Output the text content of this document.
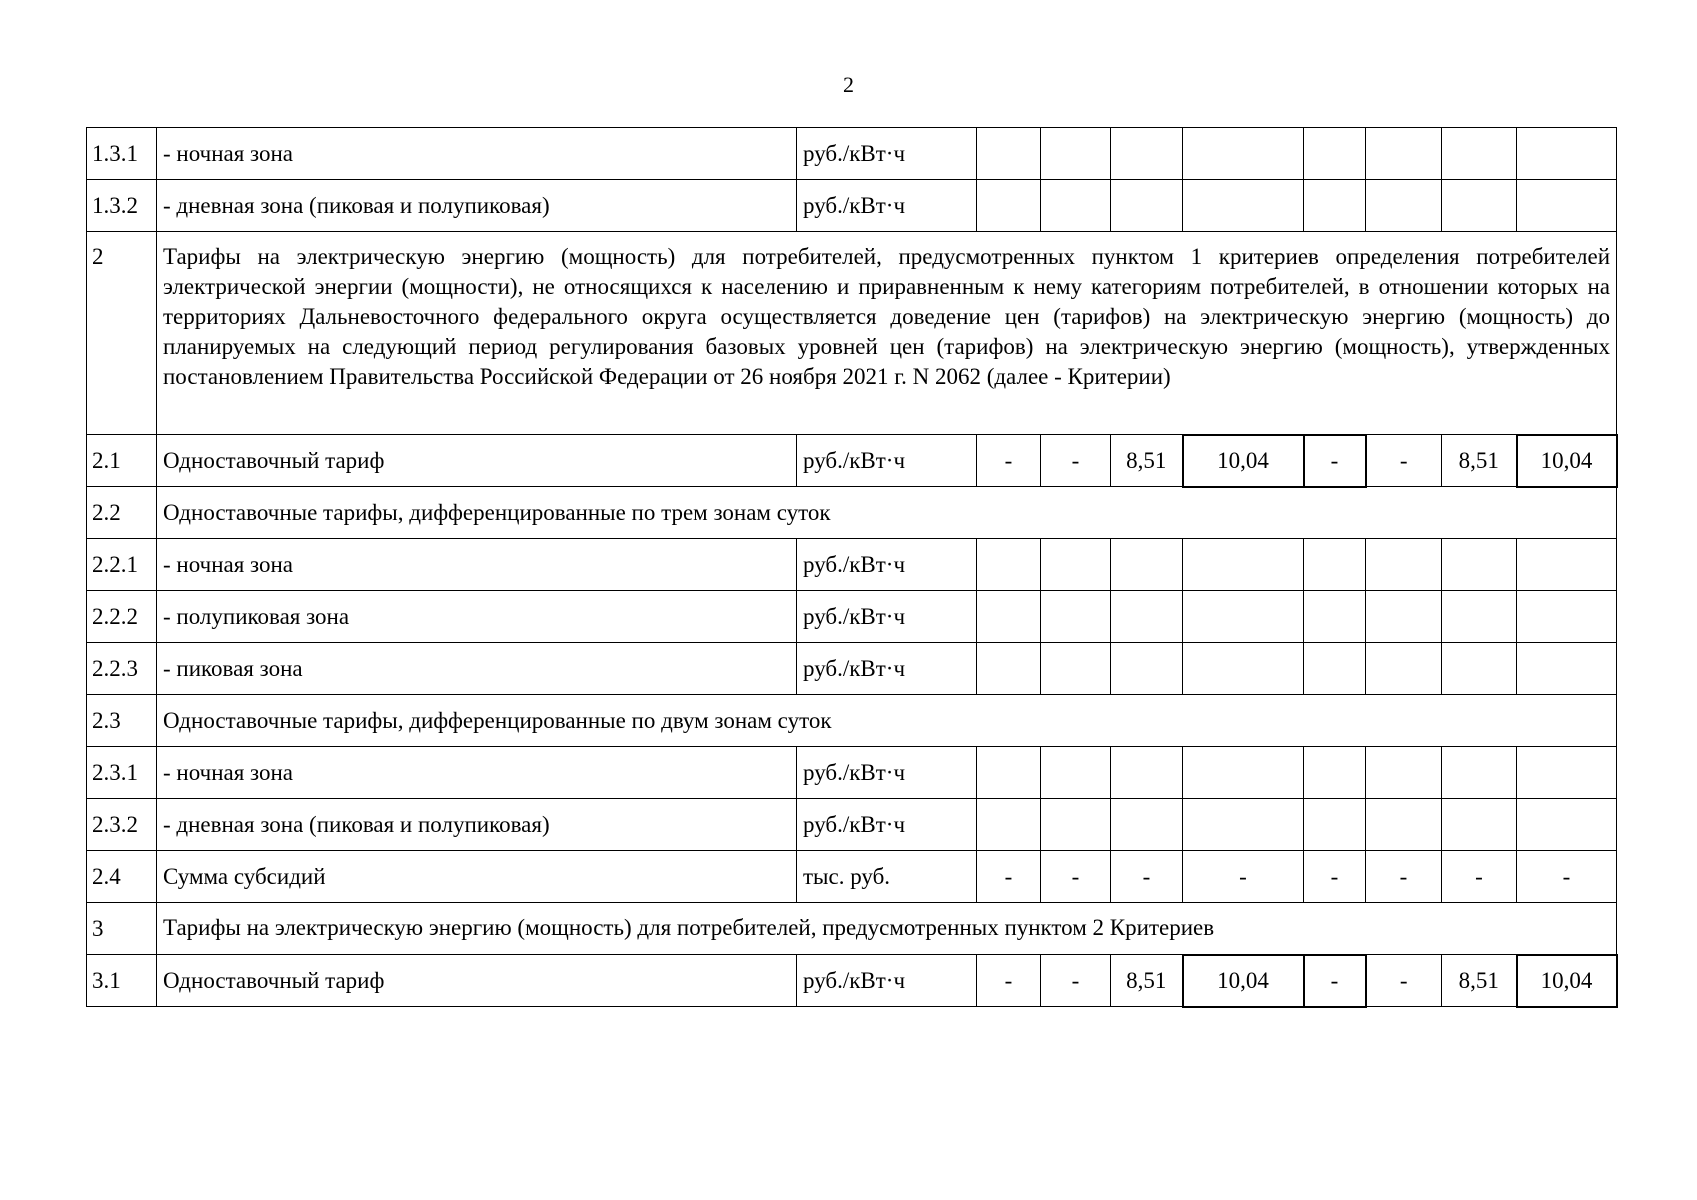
2
1.3.1	- ночная зона	руб./кВт·ч								
1.3.2	- дневная зона (пиковая и полупиковая)	руб./кВт·ч								
2	Тарифы на электрическую энергию (мощность) для потребителей, предусмотренных пунктом 1 критериев определения потребителей электрической энергии (мощности), не относящихся к населению и приравненным к нему категориям потребителей, в отношении которых на территориях Дальневосточного федерального округа осуществляется доведение цен (тарифов) на электрическую энергию (мощность) до планируемых на следующий период регулирования базовых уровней цен (тарифов) на электрическую энергию (мощность), утвержденных постановлением Правительства Российской Федерации от 26 ноября 2021 г. N 2062 (далее - Критерии)									
2.1	Одноставочный тариф	руб./кВт·ч	-	-	8,51	10,04	-	-	8,51	10,04
2.2	Одноставочные тарифы, дифференцированные по трем зонам суток									
2.2.1	- ночная зона	руб./кВт·ч								
2.2.2	- полупиковая зона	руб./кВт·ч								
2.2.3	- пиковая зона	руб./кВт·ч								
2.3	Одноставочные тарифы, дифференцированные по двум зонам суток									
2.3.1	- ночная зона	руб./кВт·ч								
2.3.2	- дневная зона (пиковая и полупиковая)	руб./кВт·ч								
2.4	Сумма субсидий	тыс. руб.	-	-	-	-	-	-	-	-
3	Тарифы на электрическую энергию (мощность) для потребителей, предусмотренных пунктом 2 Критериев									
3.1	Одноставочный тариф	руб./кВт·ч	-	-	8,51	10,04	-	-	8,51	10,04
